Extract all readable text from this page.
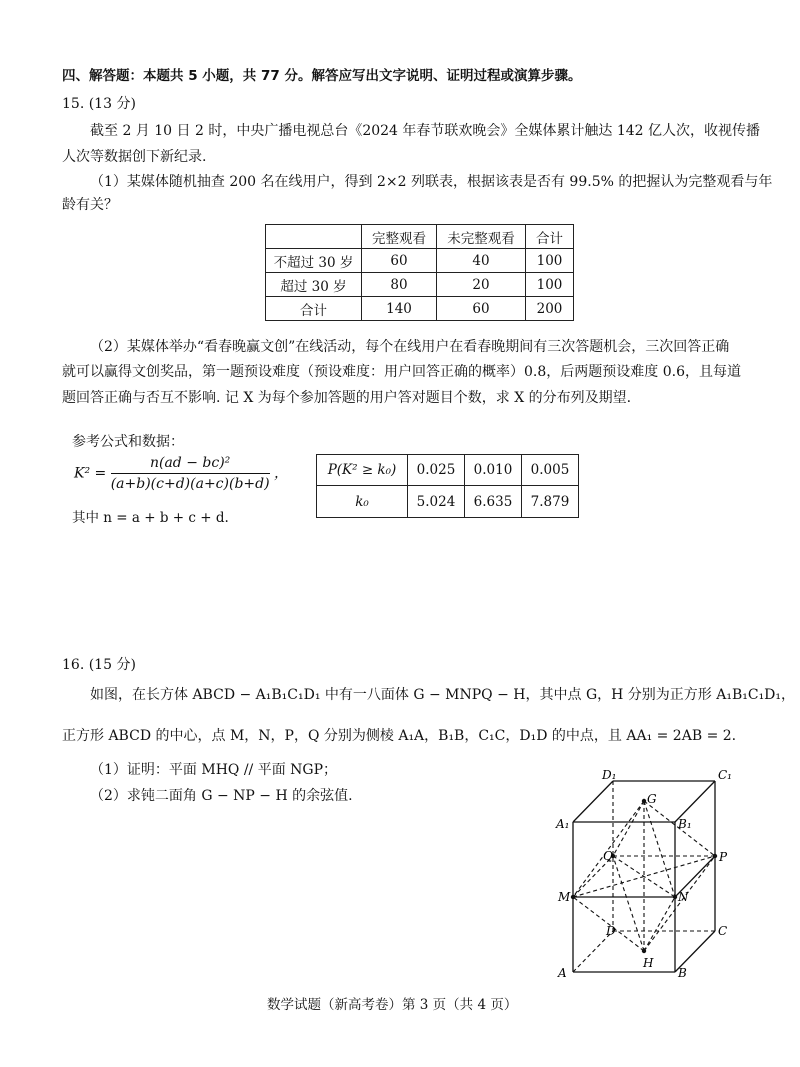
四、解答题：本题共 5 小题，共 77 分。解答应写出文字说明、证明过程或演算步骤。
15. (13 分)
截至 2 月 10 日 2 时，中央广播电视总台《2024 年春节联欢晚会》全媒体累计触达 142 亿人次，收视传播
人次等数据创下新纪录.
（1）某媒体随机抽查 200 名在线用户，得到 2×2 列联表，根据该表是否有 99.5% 的把握认为完整观看与年
龄有关？
	完整观看	未完整观看	合计
不超过 30 岁	60	40	100
超过 30 岁	80	20	100
合计	140	60	200
（2）某媒体举办“看春晚赢文创”在线活动，每个在线用户在看春晚期间有三次答题机会，三次回答正确
就可以赢得文创奖品，第一题预设难度（预设难度：用户回答正确的概率）0.8，后两题预设难度 0.6，且每道
题回答正确与否互不影响. 记 X 为每个参加答题的用户答对题目个数，求 X 的分布列及期望.
参考公式和数据：
$K^2 = \frac{\text{n(ad − bc)²}}{(a+b)(c+d)(a+c)(b+d)}$ ，
其中 n = a + b + c + d.
P(K² ≥ k₀)	0.025	0.010	0.005
k₀	5.024	6.635	7.879
16. (15 分)
如图，在长方体 ABCD − A₁B₁C₁D₁ 中有一八面体 G − MNPQ − H，其中点 G，H 分别为正方形 A₁B₁C₁D₁，
正方形 ABCD 的中心，点 M，N，P，Q 分别为侧棱 A₁A，B₁B，C₁C，D₁D 的中点，且 AA₁ = 2AB = 2.
（1）证明：平面 MHQ // 平面 NGP；
（2）求钝二面角 G − NP − H 的余弦值.
D₁	C₁
A₁	B₁
G
Q	P
M	N
D	C
H
A	B
数学试题（新高考卷）第 3 页（共 4 页）
